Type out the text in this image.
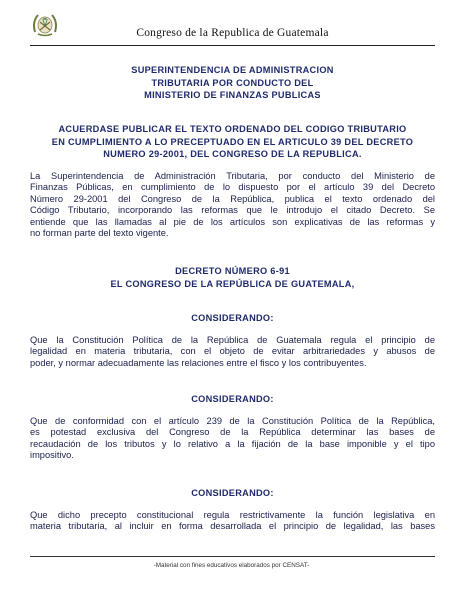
Congreso de la Republica de Guatemala
SUPERINTENDENCIA DE ADMINISTRACION
TRIBUTARIA POR CONDUCTO DEL
MINISTERIO DE FINANZAS PUBLICAS
ACUERDASE PUBLICAR EL TEXTO ORDENADO DEL CODIGO TRIBUTARIO
EN CUMPLIMIENTO A LO PRECEPTUADO EN EL ARTICULO 39 DEL DECRETO
NUMERO 29-2001, DEL CONGRESO DE LA REPUBLICA.
La Superintendencia de Administración Tributaria, por conducto del Ministerio de
Finanzas Públicas, en cumplimiento de lo dispuesto por el artículo 39 del Decreto
Número 29-2001 del Congreso de la República, publica el texto ordenado del
Código Tributario, incorporando las reformas que le introdujo el citado Decreto. Se
entiende que las llamadas al pie de los artículos son explicativas de las reformas y
no forman parte del texto vigente.
DECRETO NÚMERO 6-91
EL CONGRESO DE LA REPÚBLICA DE GUATEMALA,
CONSIDERANDO:
Que la Constitución Política de la República de Guatemala regula el principio de
legalidad en materia tributaria, con el objeto de evitar arbitrariedades y abusos de
poder, y normar adecuadamente las relaciones entre el fisco y los contribuyentes.
CONSIDERANDO:
Que de conformidad con el artículo 239 de la Constitución Política de la República,
es potestad exclusiva del Congreso de la República determinar las bases de
recaudación de los tributos y lo relativo a la fijación de la base imponible y el tipo
impositivo.
CONSIDERANDO:
Que dicho precepto constitucional regula restrictivamente la función legislativa en
materia tributaria, al incluir en forma desarrollada el principio de legalidad, las bases
-Material con fines educativos elaborados por CENSAT-
